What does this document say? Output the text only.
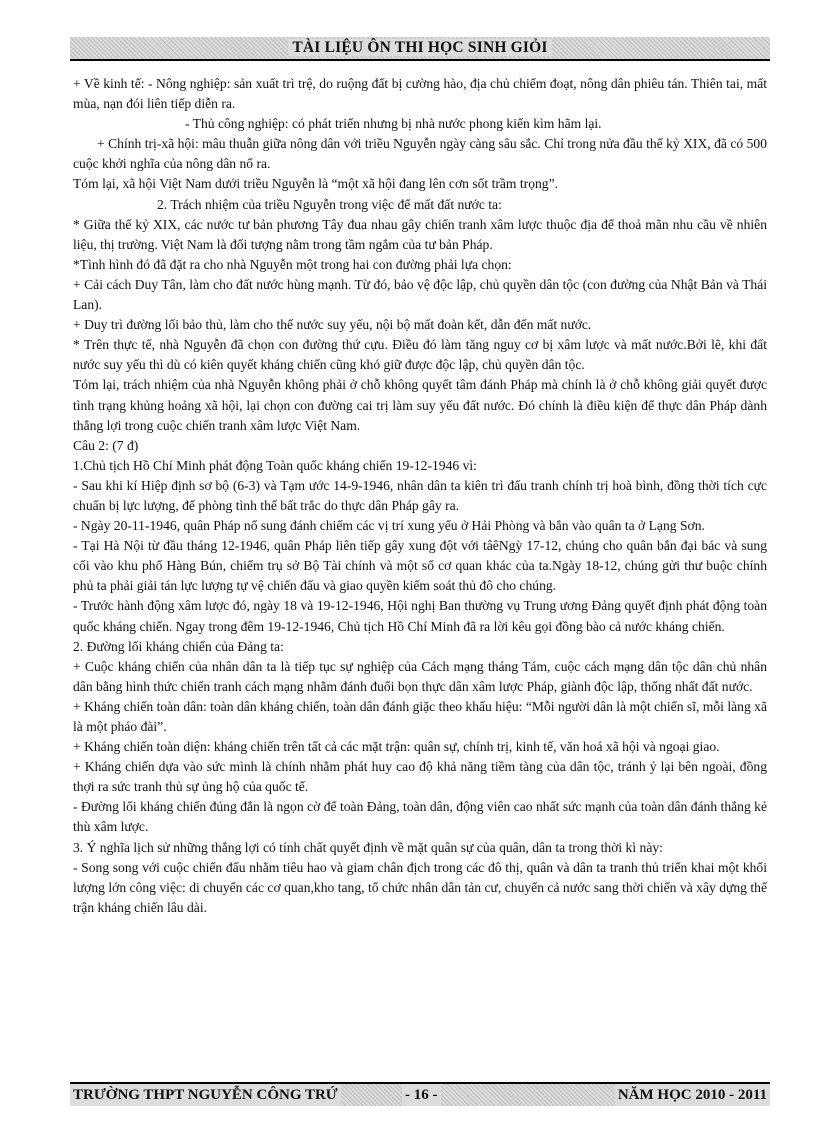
TÀI LIỆU ÔN THI HỌC SINH GIỎI

+ Về kinh tế: - Nông nghiệp: sản xuất trì trệ, do ruộng đất bị cường hào, địa chủ chiếm đoạt, nông dân phiêu tán. Thiên tai, mất mùa, nạn đói liên tiếp diễn ra.

- Thủ công nghiệp: có phát triển nhưng bị nhà nước phong kiến kìm hãm lại.

+ Chính trị-xã hội: mâu thuẫn giữa nông dân với triều Nguyễn ngày càng sâu sắc. Chỉ trong nửa đầu thế kỷ XIX, đã có 500 cuộc khởi nghĩa của nông dân nổ ra.

Tóm lại, xã hội Việt Nam dưới triều Nguyễn là “một xã hội đang lên cơn sốt trầm trọng”.

2. Trách nhiệm của triều Nguyễn trong việc để mất đất nước ta:

* Giữa thế kỷ XIX, các nước tư bản phương Tây đua nhau gây chiến tranh xâm lược thuộc địa để thoả mãn nhu cầu về nhiên liệu, thị trường. Việt Nam là đối tượng nằm trong tầm ngắm của tư bản Pháp.

*Tình hình đó đã đặt ra cho nhà Nguyễn một trong hai con đường phải lựa chọn:

+ Cải cách Duy Tân, làm cho đất nước hùng mạnh. Từ đó, bảo vệ độc lập, chủ quyền dân tộc (con đường của Nhật Bản và Thái Lan).

+ Duy trì đường lối bảo thủ, làm cho thế nước suy yếu, nội bộ mất đoàn kết, dẫn đến mất nước.

* Trên thực tế, nhà Nguyễn đã chọn con đường thứ cựu. Điều đó làm tăng nguy cơ bị xâm lược và mất nước.Bởi lẽ, khi đất nước suy yếu thì dù có kiên quyết kháng chiến cũng khó giữ được độc lập, chủ quyền dân tộc.

Tóm lại, trách nhiệm của nhà Nguyễn không phải ở chỗ không quyết tâm đánh Pháp mà chính là ở chỗ không giải quyết được tình trạng khủng hoảng xã hội, lại chọn con đường cai trị làm suy yếu đất nước. Đó chính là điều kiện để thực dân Pháp dành thắng lợi trong cuộc chiến tranh xâm lược Việt Nam.

Câu 2: (7 đ)

1.Chủ tịch Hồ Chí Minh phát động Toàn quốc kháng chiến 19-12-1946 vì:

- Sau khi kí Hiệp định sơ bộ (6-3) và Tạm ước 14-9-1946, nhân dân ta kiên trì đấu tranh chính trị hoà bình, đồng thời tích cực chuẩn bị lực lượng, để phòng tình thế bất trắc do thực dân Pháp gây ra.

- Ngày 20-11-1946, quân Pháp nổ sung đánh chiếm các vị trí xung yếu ở Hải Phòng và bắn vào quân ta ở Lạng Sơn.

- Tại Hà Nội từ đầu tháng 12-1946, quân Pháp liên tiếp gây xung đột với tâêNgỳ 17-12, chúng cho quân bắn đại bác và sung cối vào khu phố Hàng Bún, chiếm trụ sở Bộ Tài chính và một số cơ quan khác của ta.Ngày 18-12, chúng gửi thư buộc chính phủ ta phải giải tán lực lượng tự vệ chiến đấu và giao quyền kiểm soát thủ đô cho chúng.

- Trước hành động xâm lược đó, ngày 18 và 19-12-1946, Hội nghị Ban thường vụ Trung ương Đảng quyết định phát động toàn quốc kháng chiến. Ngay trong đêm 19-12-1946, Chủ tịch Hồ Chí Minh đã ra lời kêu gọi đồng bào cả nước kháng chiến.

2. Đường lối kháng chiến của Đảng ta:

+ Cuộc kháng chiến của nhân dân ta là tiếp tục sự nghiệp của Cách mạng tháng Tám, cuộc cách mạng dân tộc dân chủ nhân dân bằng hình thức chiến tranh cách mạng nhằm đánh đuổi bọn thực dân xâm lược Pháp, giành độc lập, thống nhất đất nước.

+ Kháng chiến toàn dân: toàn dân kháng chiến, toàn dân đánh giặc theo khẩu hiệu: “Mỗi người dân là một chiến sĩ, mỗi làng xã là một pháo đài”.

+ Kháng chiến toàn diện: kháng chiến trên tất cả các mặt trận: quân sự, chính trị, kinh tế, văn hoá xã hội và ngoại giao.

+ Kháng chiến dựa vào sức mình là chính nhằm phát huy cao độ khả năng tiềm tàng của dân tộc, tránh ỷ lại bên ngoài, đồng thợi ra sức tranh thủ sự ủng hộ của quốc tế.

- Đường lối kháng chiến đúng đắn là ngọn cờ để toàn Đảng, toàn dân, động viên cao nhất sức mạnh của toàn dân đánh thắng kẻ thù xâm lược.

3. Ý nghĩa lịch sử những thắng lợi có tính chất quyết định về mặt quân sự của quân, dân ta trong thời kì này:

- Song song với cuộc chiến đấu nhằm tiêu hao và giam chân địch trong các đô thị, quân và dân ta tranh thủ triển khai một khối lượng lớn công việc: di chuyển các cơ quan,kho tang, tổ chức nhân dân tản cư, chuyển cả nước sang thời chiến và xây dựng thế trận kháng chiến lâu dài.

TRƯỜNG THPT NGUYỄN CÔNG TRỨ	- 16 -	NĂM HỌC 2010 - 2011
